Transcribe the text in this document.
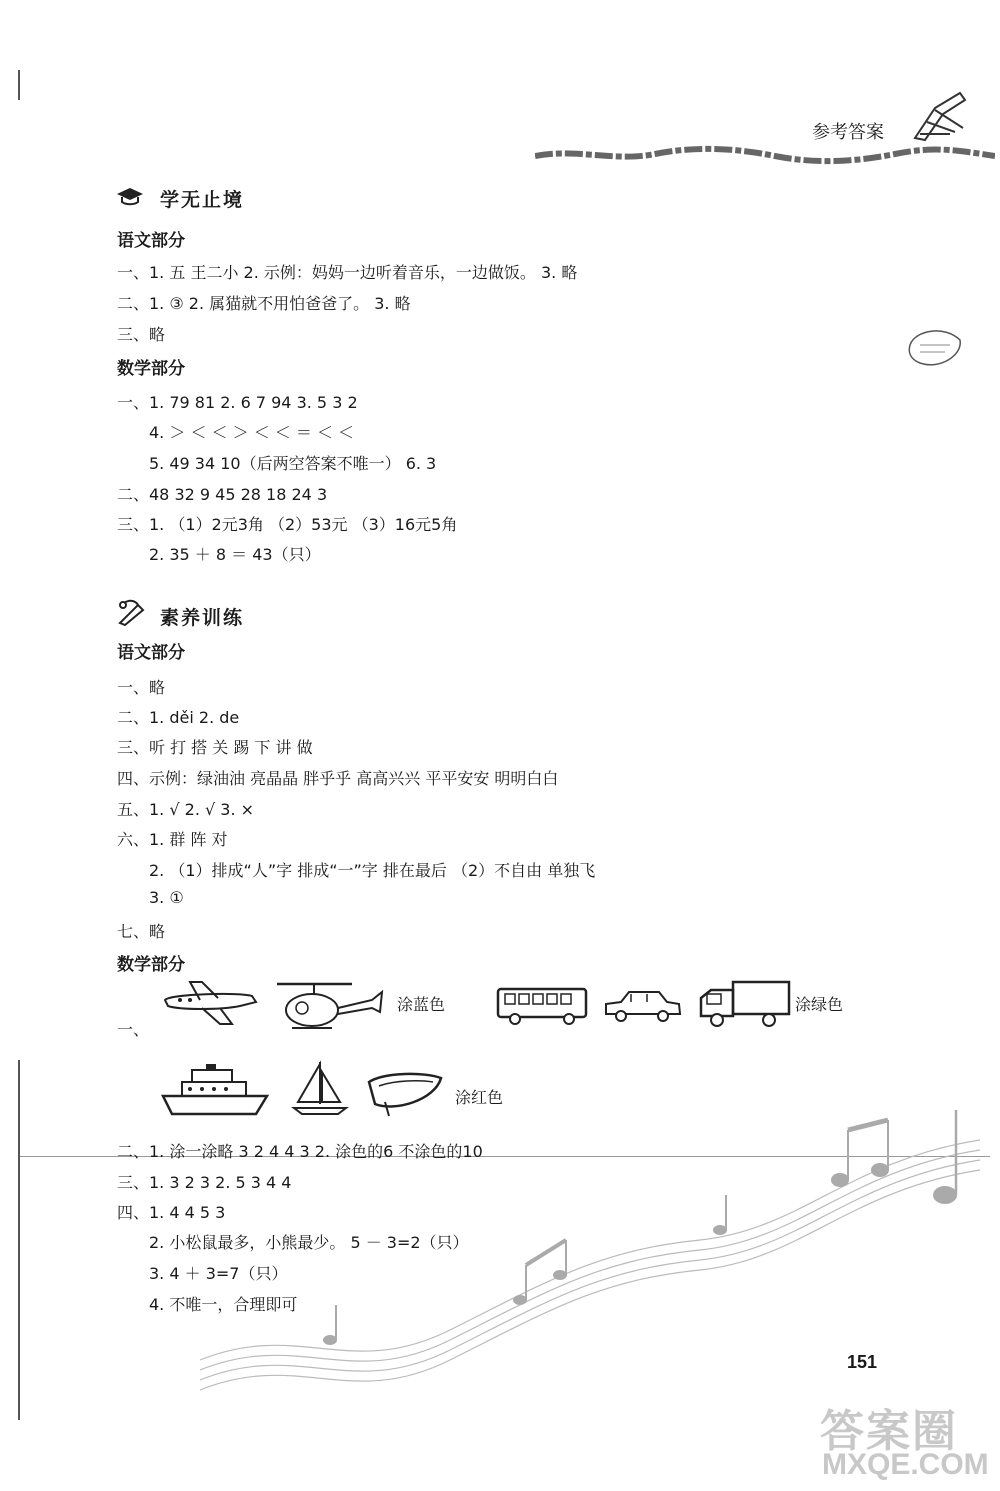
参考答案
学无止境
语文部分
一、1. 五 王二小 2. 示例：妈妈一边听着音乐，一边做饭。 3. 略
二、1. ③ 2. 属猫就不用怕爸爸了。 3. 略
三、略
数学部分
一、1. 79 81 2. 6 7 94 3. 5 3 2
4. ＞ ＜ ＜ ＞ ＜ ＜ ＝ ＜ ＜
5. 49 34 10（后两空答案不唯一） 6. 3
二、48 32 9 45 28 18 24 3
三、1. （1）2元3角 （2）53元 （3）16元5角
2. 35 ＋ 8 ＝ 43（只）
素养训练
语文部分
一、略
二、1. děi 2. de
三、听 打 搭 关 踢 下 讲 做
四、示例：绿油油 亮晶晶 胖乎乎 高高兴兴 平平安安 明明白白
五、1. √ 2. √ 3. ×
六、1. 群 阵 对
2. （1）排成“人”字 排成“一”字 排在最后 （2）不自由 单独飞
3. ①
七、略
数学部分
一、
涂蓝色	涂绿色
涂红色
二、1. 涂一涂略 3 2 4 4 3 2. 涂色的6 不涂色的10
三、1. 3 2 3 2. 5 3 4 4
四、1. 4 4 5 3
2. 小松鼠最多，小熊最少。 5 － 3=2（只）
3. 4 ＋ 3=7（只）
4. 不唯一，合理即可
151
答案圈
MXQE.COM
